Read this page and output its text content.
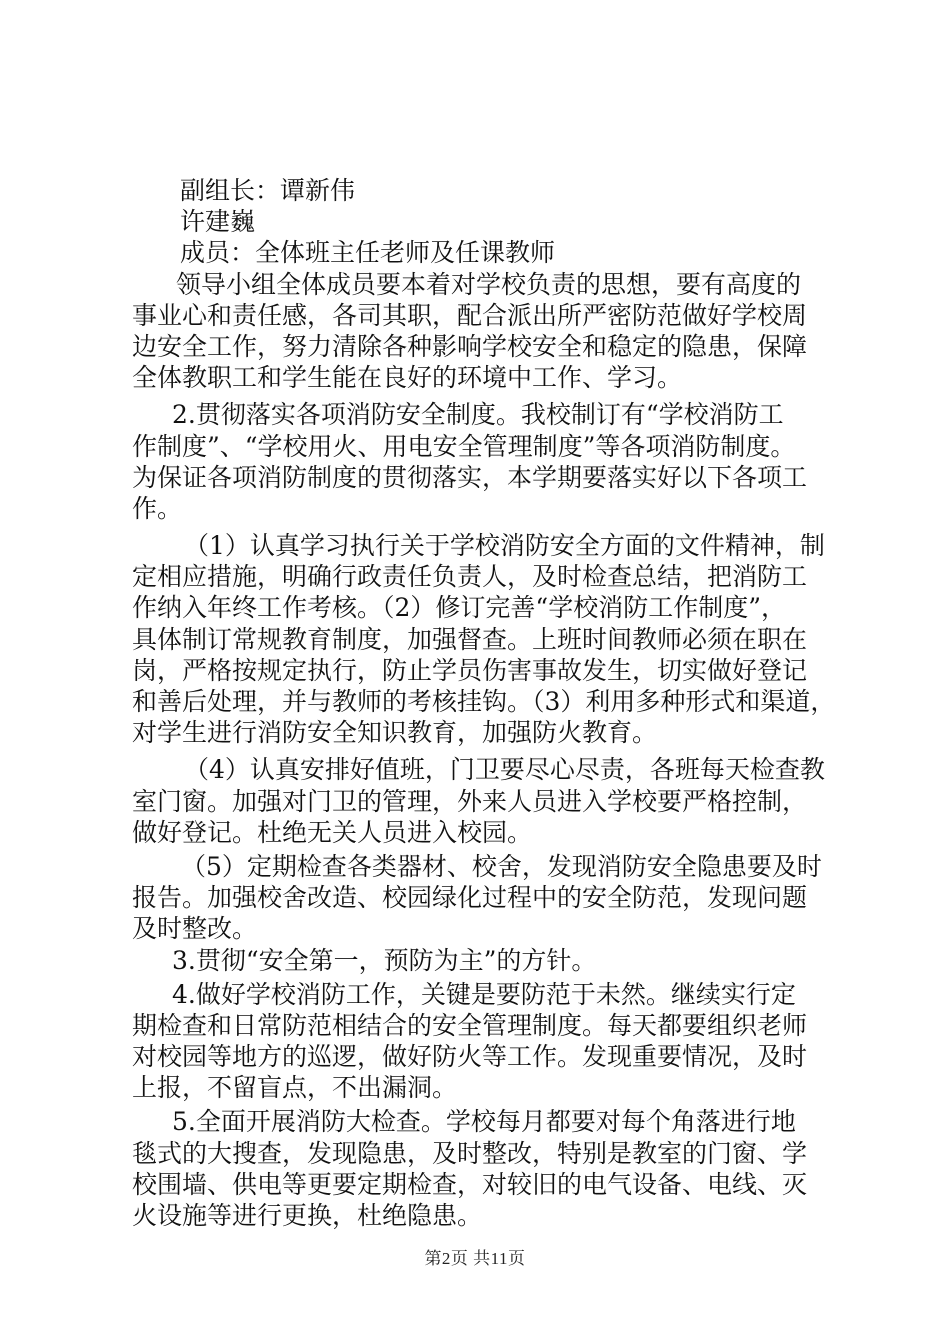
副组长：谭新伟
许建巍
成员：全体班主任老师及任课教师
领导小组全体成员要本着对学校负责的思想，要有高度的
事业心和责任感，各司其职，配合派出所严密防范做好学校周
边安全工作，努力清除各种影响学校安全和稳定的隐患，保障
全体教职工和学生能在良好的环境中工作、学习。
2.贯彻落实各项消防安全制度。我校制订有“学校消防工
作制度”、“学校用火、用电安全管理制度”等各项消防制度。
为保证各项消防制度的贯彻落实，本学期要落实好以下各项工
作。
（1）认真学习执行关于学校消防安全方面的文件精神，制
定相应措施，明确行政责任负责人，及时检查总结，把消防工
作纳入年终工作考核。（2）修订完善“学校消防工作制度”，
具体制订常规教育制度，加强督查。上班时间教师必须在职在
岗，严格按规定执行，防止学员伤害事故发生，切实做好登记
和善后处理，并与教师的考核挂钩。（3）利用多种形式和渠道，
对学生进行消防安全知识教育，加强防火教育。
（4）认真安排好值班，门卫要尽心尽责，各班每天检查教
室门窗。加强对门卫的管理，外来人员进入学校要严格控制，
做好登记。杜绝无关人员进入校园。
（5）定期检查各类器材、校舍，发现消防安全隐患要及时
报告。加强校舍改造、校园绿化过程中的安全防范，发现问题
及时整改。
3.贯彻“安全第一，预防为主”的方针。
4.做好学校消防工作，关键是要防范于未然。继续实行定
期检查和日常防范相结合的安全管理制度。每天都要组织老师
对校园等地方的巡逻，做好防火等工作。发现重要情况，及时
上报，不留盲点，不出漏洞。
5.全面开展消防大检查。学校每月都要对每个角落进行地
毯式的大搜查，发现隐患，及时整改，特别是教室的门窗、学
校围墙、供电等更要定期检查，对较旧的电气设备、电线、灭
火设施等进行更换，杜绝隐患。
第2页 共11页
